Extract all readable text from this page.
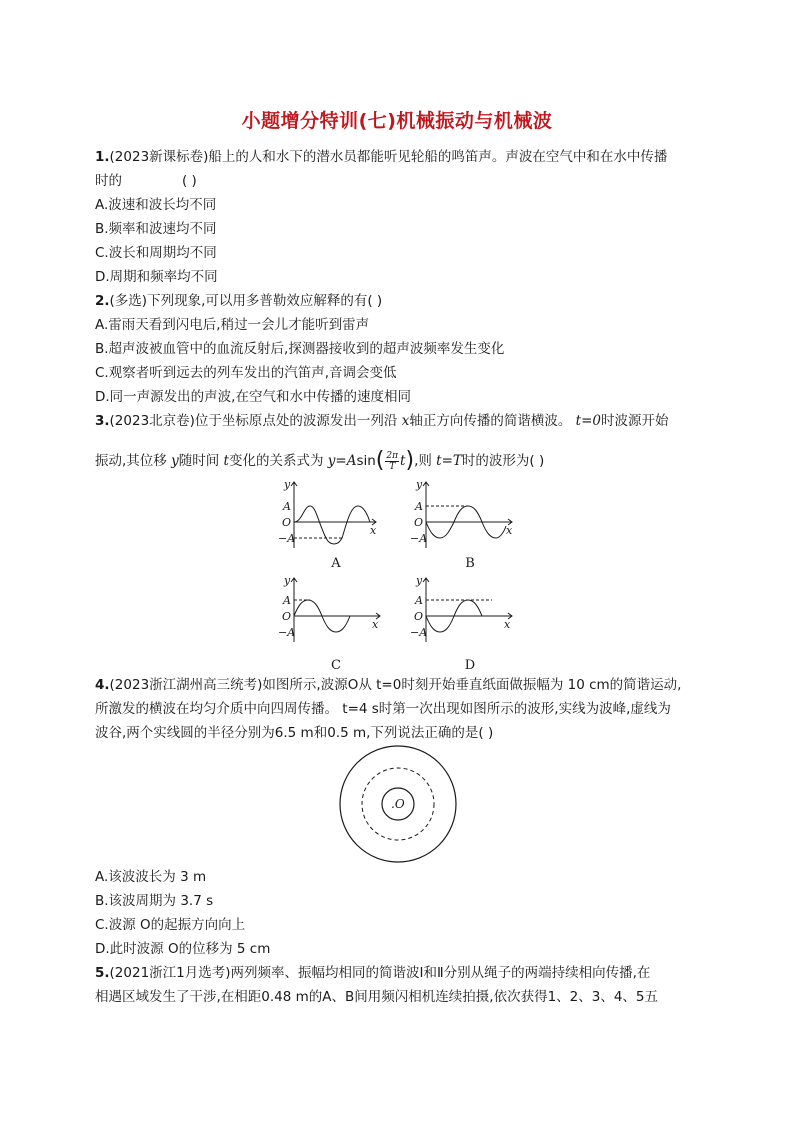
小题增分特训(七)机械振动与机械波
1.(2023新课标卷)船上的人和水下的潜水员都能听见轮船的鸣笛声。声波在空气中和在水中传播
时的	( )
A.波速和波长均不同
B.频率和波速均不同
C.波长和周期均不同
D.周期和频率均不同
2.(多选)下列现象,可以用多普勒效应解释的有( )
A.雷雨天看到闪电后,稍过一会儿才能听到雷声
B.超声波被血管中的血流反射后,探测器接收到的超声波频率发生变化
C.观察者听到远去的列车发出的汽笛声,音调会变低
D.同一声源发出的声波,在空气和水中传播的速度相同
3.(2023北京卷)位于坐标原点处的波源发出一列沿 x轴正方向传播的简谐横波。 t=0时波源开始
振动,其位移 y随时间 t变化的关系式为 $y=Asin( \frac{2\pi}{T} t)$,则 t=T时的波形为( )
y
x
A
O
−A
A
y
x
A
O
−A
B
y
x
A
O
−A
C
y
x
A
O
−A
D
4.(2023浙江湖州高三统考)如图所示,波源O从 t=0时刻开始垂直纸面做振幅为 10 cm的简谐运动,
所激发的横波在均匀介质中向四周传播。 t=4 s时第一次出现如图所示的波形,实线为波峰,虚线为
波谷,两个实线圆的半径分别为6.5 m和0.5 m,下列说法正确的是( )
.O
A.该波波长为 3 m
B.该波周期为 3.7 s
C.波源 O的起振方向向上
D.此时波源 O的位移为 5 cm
5.(2021浙江1月选考)两列频率、振幅均相同的简谐波Ⅰ和Ⅱ分别从绳子的两端持续相向传播,在
相遇区域发生了干涉,在相距0.48 m的A、B间用频闪相机连续拍摄,依次获得1、2、3、4、5五
